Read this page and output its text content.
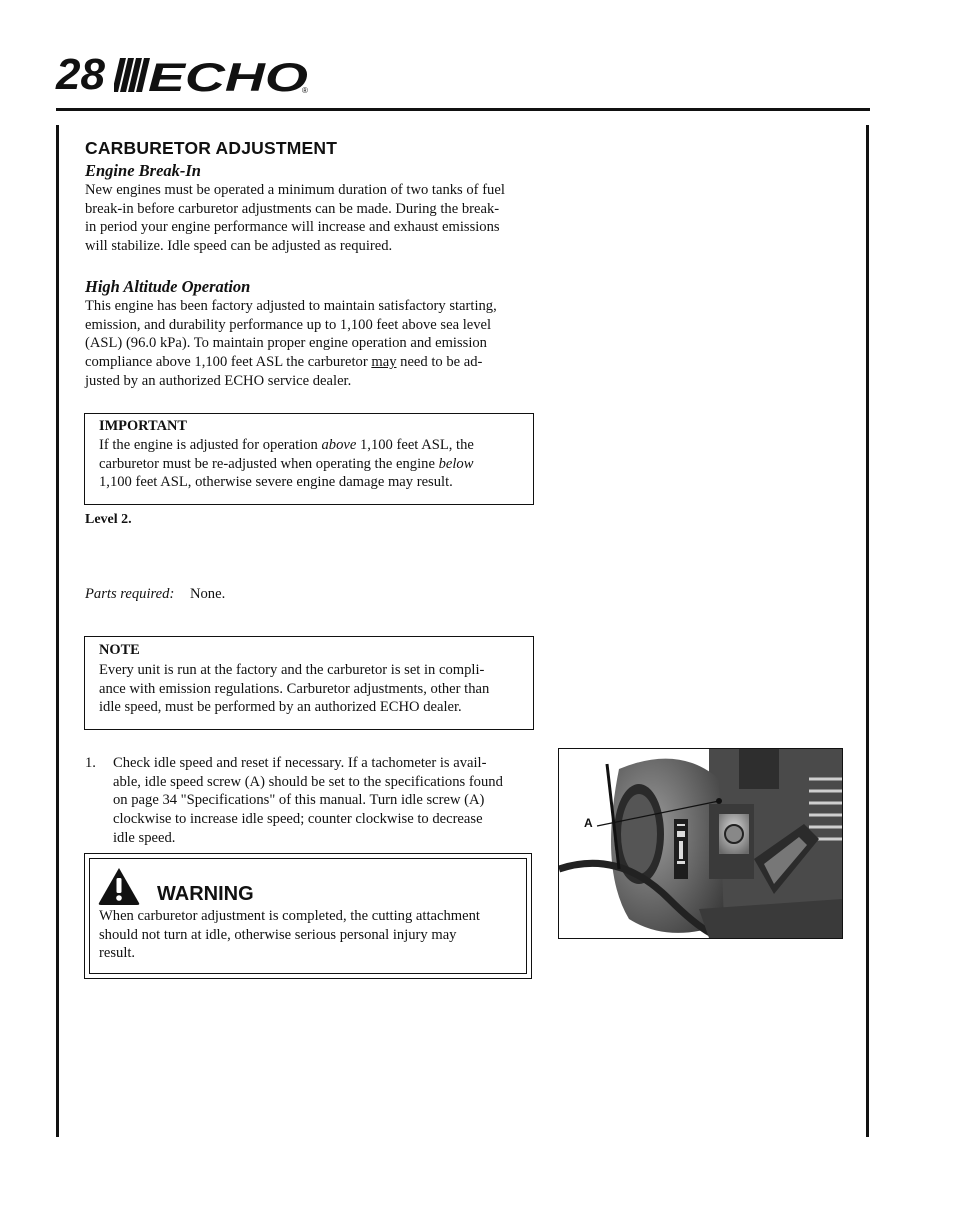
28 ECHO
®
CARBURETOR ADJUSTMENT
Engine Break-In

New engines must be operated a minimum duration of two tanks of fuel

break-in before carburetor adjustments can be made. During the break-

in period your engine performance will increase and exhaust emissions

will stabilize. Idle speed can be adjusted as required.

High Altitude Operation

This engine has been factory adjusted to maintain satisfactory starting,

emission, and durability performance up to 1,100 feet above sea level

(ASL) (96.0 kPa). To maintain proper engine operation and emission

compliance above 1,100 feet ASL the carburetor may need to be ad-

justed by an authorized ECHO service dealer.

IMPORTANT

If the engine is adjusted for operation above 1,100 feet ASL, the

carburetor must be re-adjusted when operating the engine below

1,100 feet ASL, otherwise severe engine damage may result.

Level 2.
Parts required: None.
NOTE

Every unit is run at the factory and the carburetor is set in compli-

ance with emission regulations. Carburetor adjustments, other than

idle speed, must be performed by an authorized ECHO dealer.

1. Check idle speed and reset if necessary. If a tachometer is avail-

able, idle speed screw (A) should be set to the specifications found

on page 34 "Specifications" of this manual. Turn idle screw (A)

clockwise to increase idle speed; counter clockwise to decrease

idle speed.

WARNING

When carburetor adjustment is completed, the cutting attachment

should not turn at idle, otherwise serious personal injury may

result.

A
